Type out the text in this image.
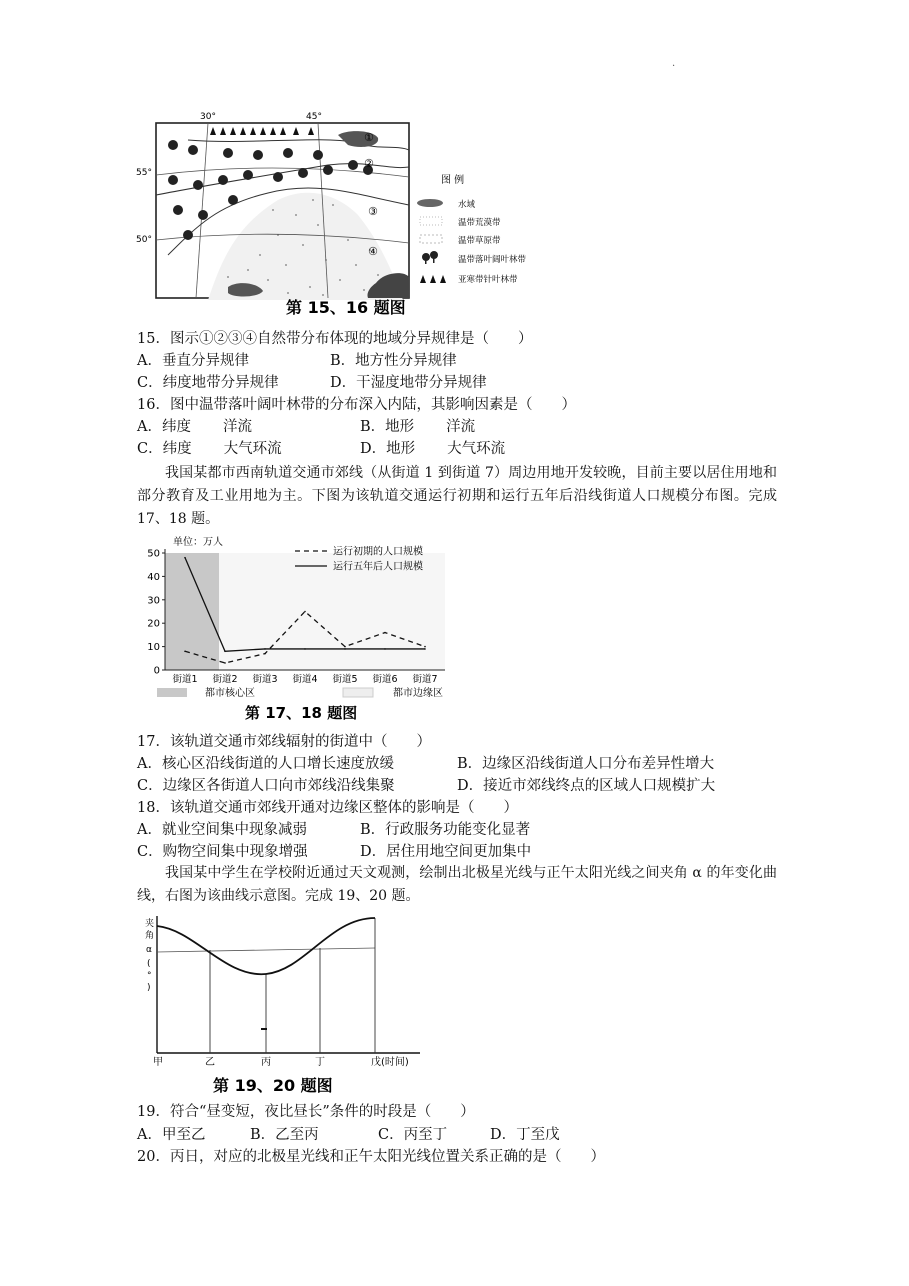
.
①
②
③
④
30°	45°
55°
50°
图 例
水域
温带荒漠带
温带草原带
温带落叶阔叶林带
亚寒带针叶林带
第 15、16 题图
15．图示①②③④自然带分布体现的地域分异规律是（　　）
A．垂直分异规律	B．地方性分异规律
C．纬度地带分异规律	D．干湿度地带分异规律
16．图中温带落叶阔叶林带的分布深入内陆，其影响因素是（　　）
A．纬度 洋流	B．地形 洋流
C．纬度 大气环流	D．地形 大气环流
我国某都市西南轨道交通市郊线（从街道 1 到街道 7）周边用地开发较晚，目前主要以居住用地和部分教育及工业用地为主。下图为该轨道交通运行初期和运行五年后沿线街道人口规模分布图。完成 17、18 题。
单位：万人
0
10
20
30
40
50
街道1 街道2 街道3 街道4 街道5 街道6 街道7
运行初期的人口规模
运行五年后人口规模
都市核心区	都市边缘区
第 17、18 题图
17．该轨道交通市郊线辐射的街道中（　　）
A．核心区沿线街道的人口增长速度放缓	B．边缘区沿线街道人口分布差异性增大
C．边缘区各街道人口向市郊线沿线集聚	D．接近市郊线终点的区域人口规模扩大
18．该轨道交通市郊线开通对边缘区整体的影响是（　　）
A．就业空间集中现象减弱	B．行政服务功能变化显著
C．购物空间集中现象增强	D．居住用地空间更加集中
我国某中学生在学校附近通过天文观测，绘制出北极星光线与正午太阳光线之间夹角 α 的年变化曲线，右图为该曲线示意图。完成 19、20 题。
夹
角
α
(
°
)
甲	乙	丙	丁	戊(时间)
第 19、20 题图
19．符合“昼变短，夜比昼长”条件的时段是（　　）
A．甲至乙	B．乙至丙	C．丙至丁	D．丁至戊
20．丙日，对应的北极星光线和正午太阳光线位置关系正确的是（　　）
